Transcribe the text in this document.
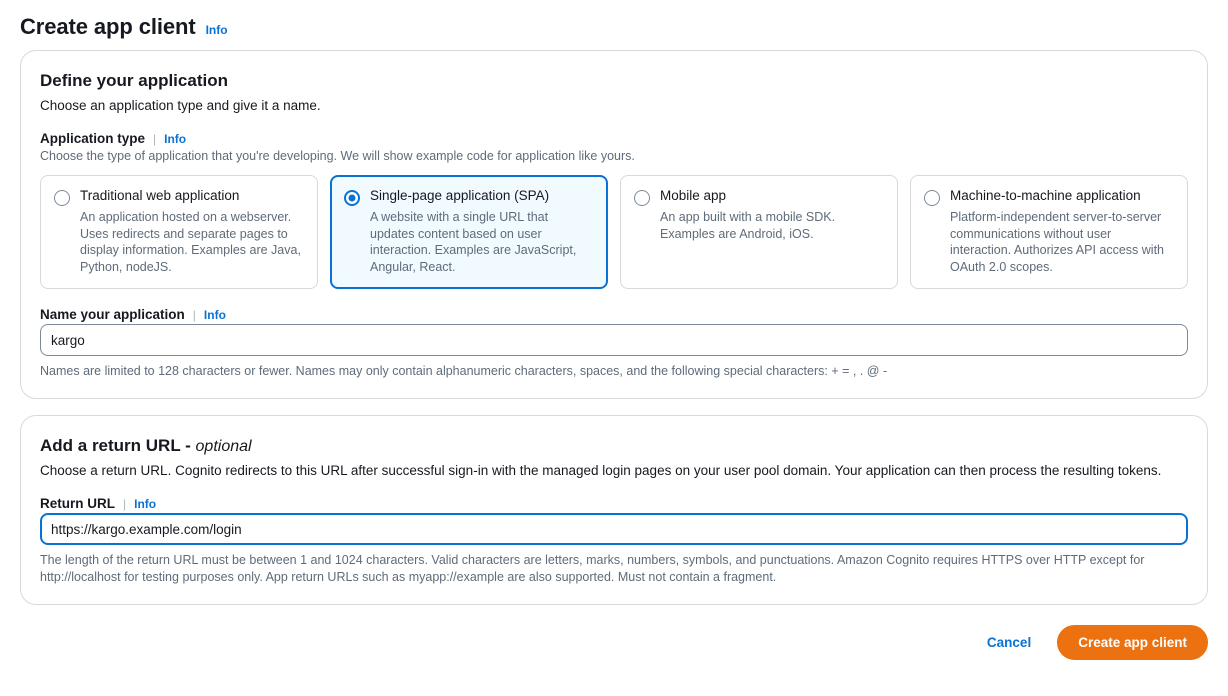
Create app client Info
Define your application
Choose an application type and give it a name.
Application type | Info
Choose the type of application that you're developing. We will show example code for application like yours.
Traditional web application
An application hosted on a webserver. Uses redirects and separate pages to display information. Examples are Java, Python, nodeJS.
Single-page application (SPA)
A website with a single URL that updates content based on user interaction. Examples are JavaScript, Angular, React.
Mobile app
An app built with a mobile SDK. Examples are Android, iOS.
Machine-to-machine application
Platform-independent server-to-server communications without user interaction. Authorizes API access with OAuth 2.0 scopes.
Name your application | Info
kargo
Names are limited to 128 characters or fewer. Names may only contain alphanumeric characters, spaces, and the following special characters: + = , . @ -
Add a return URL - optional
Choose a return URL. Cognito redirects to this URL after successful sign-in with the managed login pages on your user pool domain. Your application can then process the resulting tokens.
Return URL | Info
https://kargo.example.com/login
The length of the return URL must be between 1 and 1024 characters. Valid characters are letters, marks, numbers, symbols, and punctuations. Amazon Cognito requires HTTPS over HTTP except for http://localhost for testing purposes only. App return URLs such as myapp://example are also supported. Must not contain a fragment.
Cancel	Create app client
